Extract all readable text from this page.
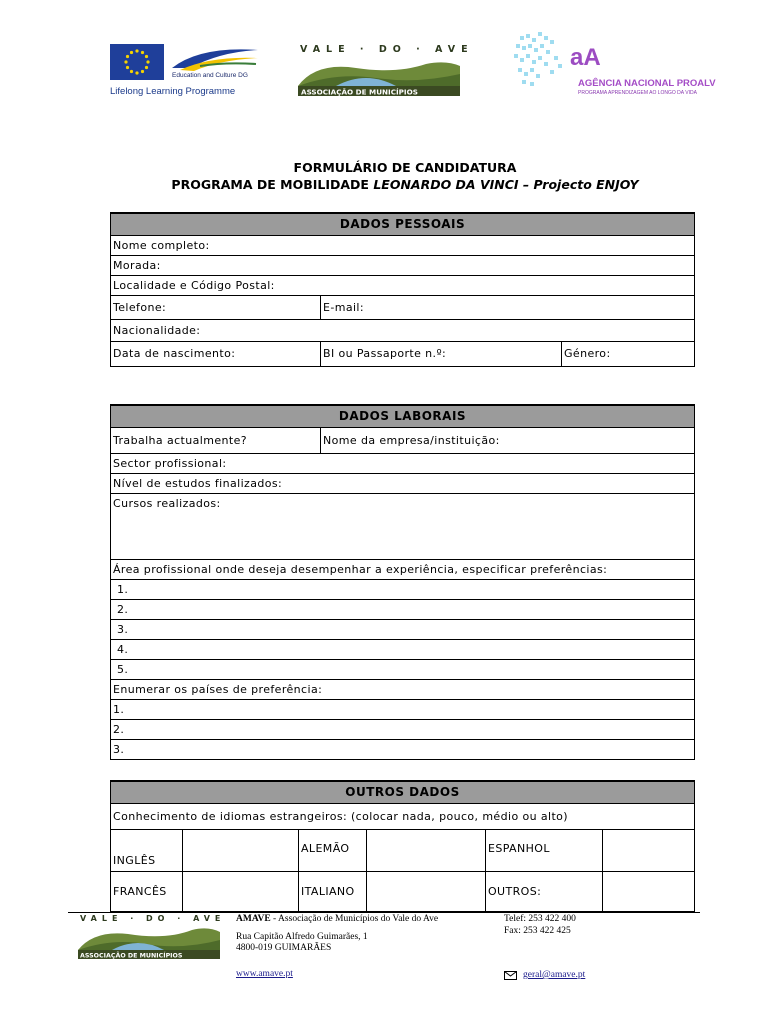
Education and Culture DG
Lifelong Learning Programme
VALE · DO · AVE
ASSOCIAÇÃO DE MUNICÍPIOS
aA
AGÊNCIA NACIONAL PROALV
PROGRAMA APRENDIZAGEM AO LONGO DA VIDA
FORMULÁRIO DE CANDIDATURA
PROGRAMA DE MOBILIDADE LEONARDO DA VINCI – Projecto ENJOY
DADOS PESSOAIS		
Nome completo:		
Morada:		
Localidade e Código Postal:		
Telefone:	E-mail:	
Nacionalidade:		
Data de nascimento:	BI ou Passaporte n.º:	Género:
DADOS LABORAIS
Trabalha actualmente?	Nome da empresa/instituição:
Sector profissional:
Nível de estudos finalizados:
Cursos realizados:
Área profissional onde deseja desempenhar a experiência, especificar preferências:
1.
2.
3.
4.
5.
Enumerar os países de preferência:
1.
2.
3.
OUTROS DADOS					
Conhecimento de idiomas estrangeiros: (colocar nada, pouco, médio ou alto)					
INGLÊS		ALEMÃO		ESPANHOL	
FRANCÊS		ITALIANO		OUTROS:	
VALE · DO · AVE
ASSOCIAÇÃO DE MUNICÍPIOS
AMAVE - Associação de Municípios do Vale do Ave
Rua Capitão Alfredo Guimarães, 1
4800-019 GUIMARÃES
www.amave.pt
Telef: 253 422 400
Fax: 253 422 425
geral@amave.pt
